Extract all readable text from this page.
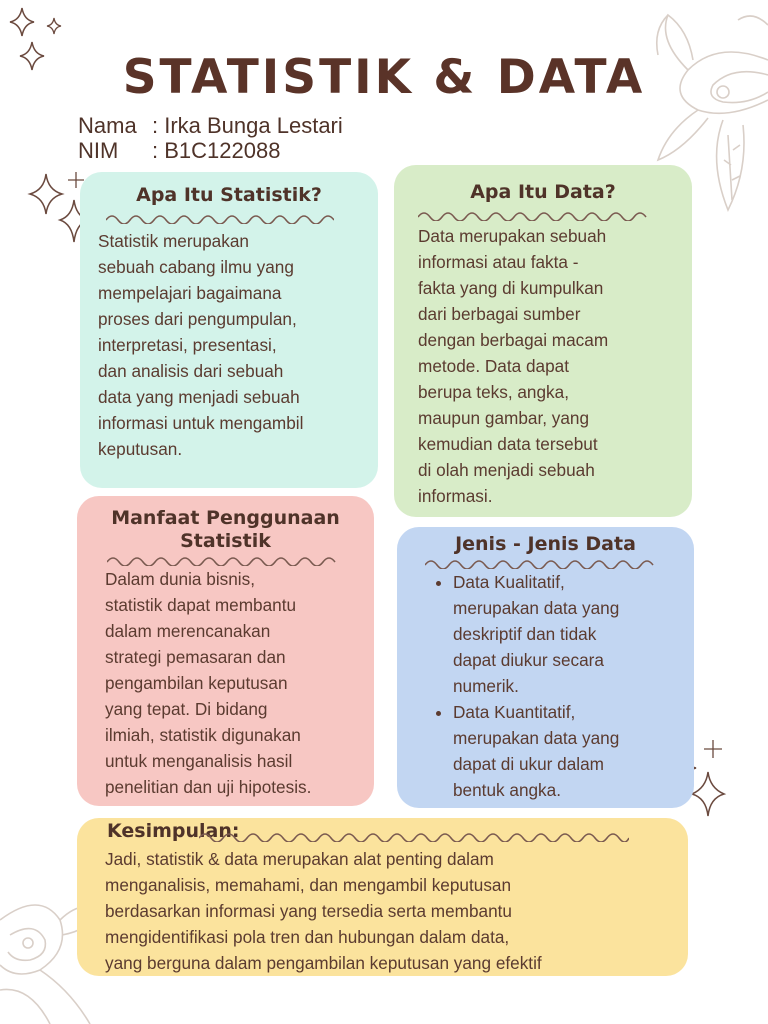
STATISTIK & DATA
Nama : Irka Bunga Lestari
NIM	: B1C122088
Apa Itu Statistik?
Statistik merupakan
sebuah cabang ilmu yang
mempelajari bagaimana
proses dari pengumpulan,
interpretasi, presentasi,
dan analisis dari sebuah
data yang menjadi sebuah
informasi untuk mengambil
keputusan.
Apa Itu Data?
Data merupakan sebuah
informasi atau fakta -
fakta yang di kumpulkan
dari berbagai sumber
dengan berbagai macam
metode. Data dapat
berupa teks, angka,
maupun gambar, yang
kemudian data tersebut
di olah menjadi sebuah
informasi.
Manfaat Penggunaan
Statistik
Dalam dunia bisnis,
statistik dapat membantu
dalam merencanakan
strategi pemasaran dan
pengambilan keputusan
yang tepat. Di bidang
ilmiah, statistik digunakan
untuk menganalisis hasil
penelitian dan uji hipotesis.
Jenis - Jenis Data
• Data Kualitatif,
merupakan data yang
deskriptif dan tidak
dapat diukur secara
numerik.
• Data Kuantitatif,
merupakan data yang
dapat di ukur dalam
bentuk angka.
Kesimpulan:
Jadi, statistik & data merupakan alat penting dalam
menganalisis, memahami, dan mengambil keputusan
berdasarkan informasi yang tersedia serta membantu
mengidentifikasi pola tren dan hubungan dalam data,
yang berguna dalam pengambilan keputusan yang efektif
